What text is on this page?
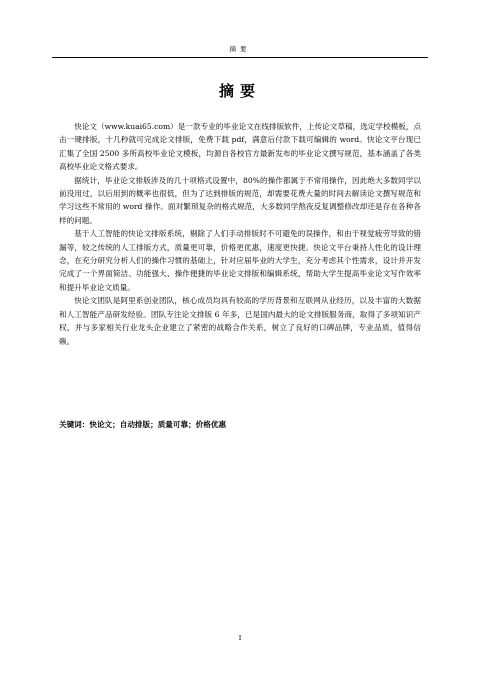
摘要
摘要

快论文（www.kuai65.com）是一款专业的毕业论文在线排版软件，上传论文草稿，选定学校模板，点击一键排版，十几秒就可完成论文排版，免费下载 pdf，满意后付款下载可编辑的 word。快论文平台现已汇集了全国 2500 多所高校毕业论文模板，均源自各校官方最新发布的毕业论文撰写规范，基本涵盖了各类高校毕业论文格式要求。

据统计，毕业论文排版涉及的几十项格式设置中，80%的操作都属于不常用操作，因此绝大多数同学以前没用过，以后用到的概率也很低，但为了达到排版的规范，却需要花费大量的时间去解读论文撰写规范和学习这些不常用的 word 操作。面对繁琐复杂的格式规范，大多数同学熬夜反复调整修改却还是存在各种各样的问题。

基于人工智能的快论文排版系统，剔除了人们手动排版时不可避免的误操作，和由于视觉疲劳导致的错漏等，较之传统的人工排版方式，质量更可靠，价格更优惠，速度更快捷。快论文平台秉持人性化的设计理念，在充分研究分析人们的操作习惯的基础上，针对应届毕业的大学生，充分考虑其个性需求，设计并开发完成了一个界面简洁、功能强大、操作便捷的毕业论文排版和编辑系统，帮助大学生提高毕业论文写作效率和提升毕业论文质量。

快论文团队是阿里系创业团队，核心成员均具有较高的学历背景和互联网从业经历，以及丰富的大数据和人工智能产品研发经验。团队专注论文排版 6 年多，已是国内最大的论文排版服务商，取得了多项知识产权，并与多家相关行业龙头企业建立了紧密的战略合作关系，树立了良好的口碑品牌，专业品质，值得信赖。

关键词：快论文；自动排版；质量可靠；价格优惠
I
